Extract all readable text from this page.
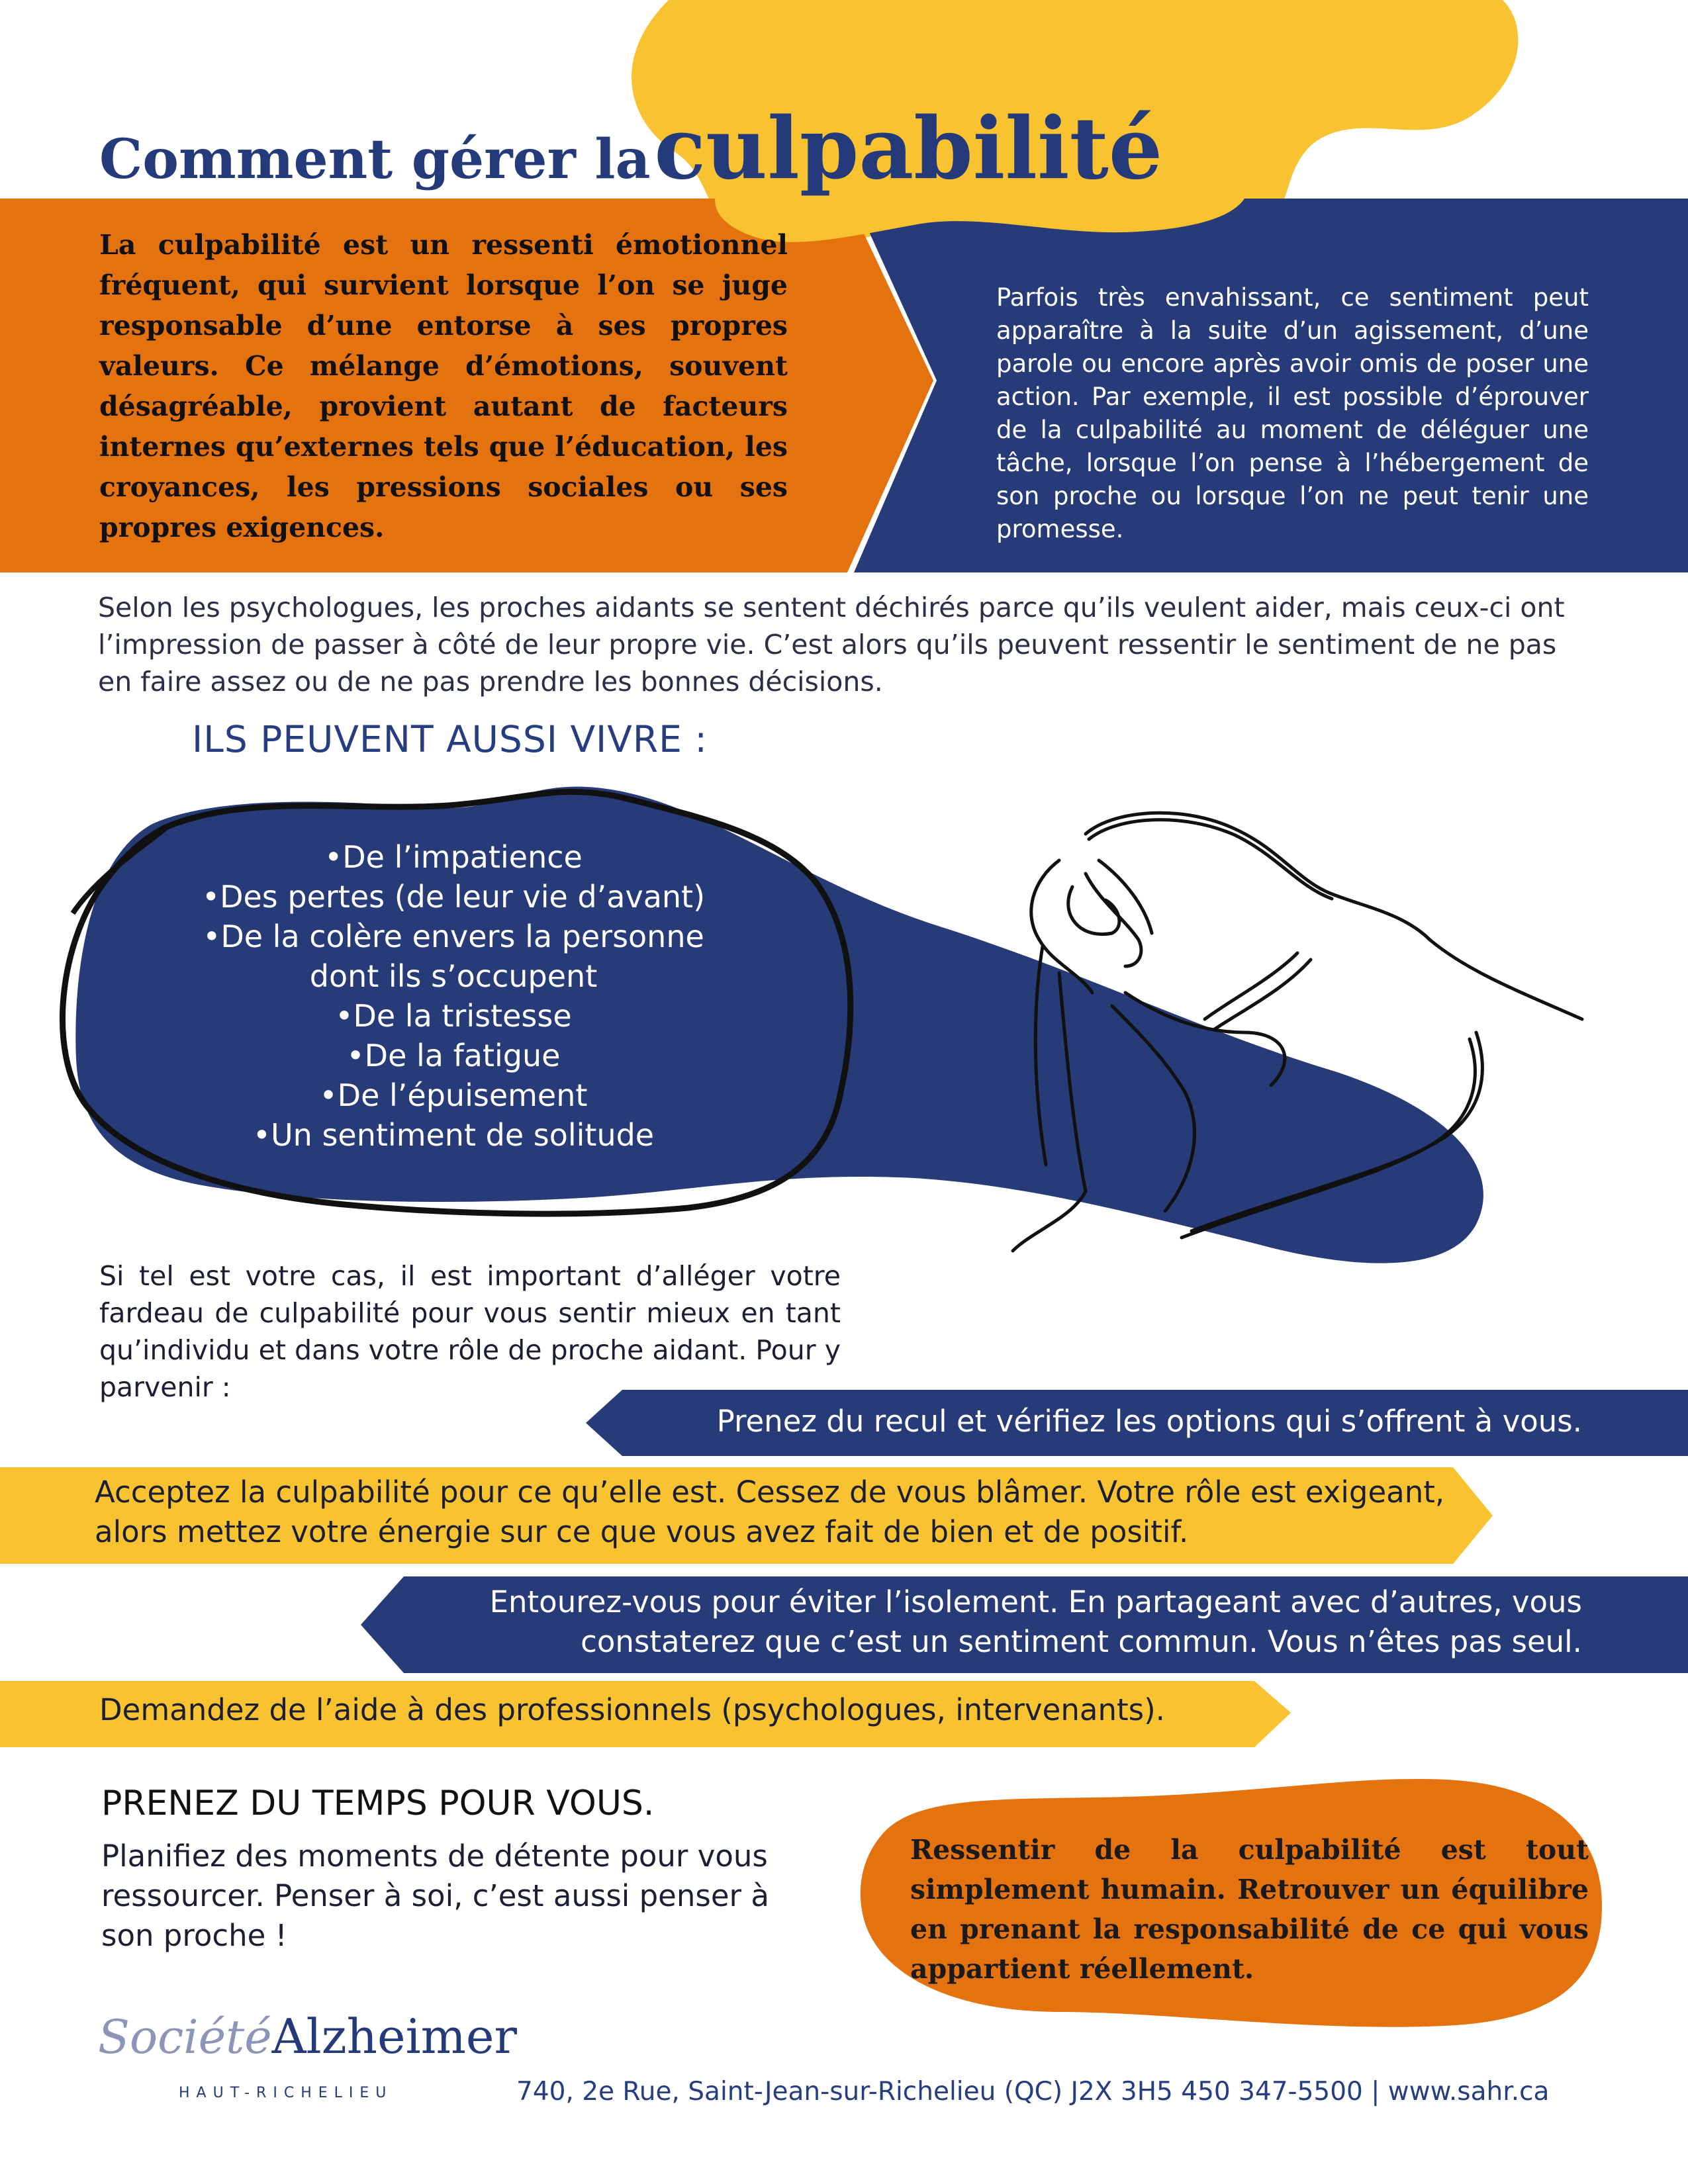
Comment gérer la culpabilité
La culpabilité est un ressenti émotionnel fréquent, qui survient lorsque l’on se juge responsable d’une entorse à ses propres valeurs. Ce mélange d’émotions, souvent désagréable, provient autant de facteurs internes qu’externes tels que l’éducation, les croyances, les pressions sociales ou ses propres exigences.
Parfois très envahissant, ce sentiment peut apparaître à la suite d’un agissement, d’une parole ou encore après avoir omis de poser une action. Par exemple, il est possible d’éprouver de la culpabilité au moment de déléguer une tâche, lorsque l’on pense à l’hébergement de son proche ou lorsque l’on ne peut tenir une promesse.
Selon les psychologues, les proches aidants se sentent déchirés parce qu’ils veulent aider, mais ceux-ci ont l’impression de passer à côté de leur propre vie. C’est alors qu’ils peuvent ressentir le sentiment de ne pas en faire assez ou de ne pas prendre les bonnes décisions.
ILS PEUVENT AUSSI VIVRE :
•De l’impatience
•Des pertes (de leur vie d’avant)
•De la colère envers la personne
dont ils s’occupent
•De la tristesse
•De la fatigue
•De l’épuisement
•Un sentiment de solitude
Si tel est votre cas, il est important d’alléger votre fardeau de culpabilité pour vous sentir mieux en tant qu’individu et dans votre rôle de proche aidant. Pour y parvenir :
Prenez du recul et vérifiez les options qui s’offrent à vous.
Acceptez la culpabilité pour ce qu’elle est. Cessez de vous blâmer. Votre rôle est exigeant, alors mettez votre énergie sur ce que vous avez fait de bien et de positif.
Entourez-vous pour éviter l’isolement. En partageant avec d’autres, vous constaterez que c’est un sentiment commun. Vous n’êtes pas seul.
Demandez de l’aide à des professionnels (psychologues, intervenants).
PRENEZ DU TEMPS POUR VOUS.
Planifiez des moments de détente pour vous ressourcer. Penser à soi, c’est aussi penser à son proche !
Ressentir de la culpabilité est tout simplement humain. Retrouver un équilibre en prenant la responsabilité de ce qui vous appartient réellement.
SociétéAlzheimer
HAUT-RICHELIEU	740, 2e Rue, Saint-Jean-sur-Richelieu (QC) J2X 3H5 450 347-5500 | www.sahr.ca
